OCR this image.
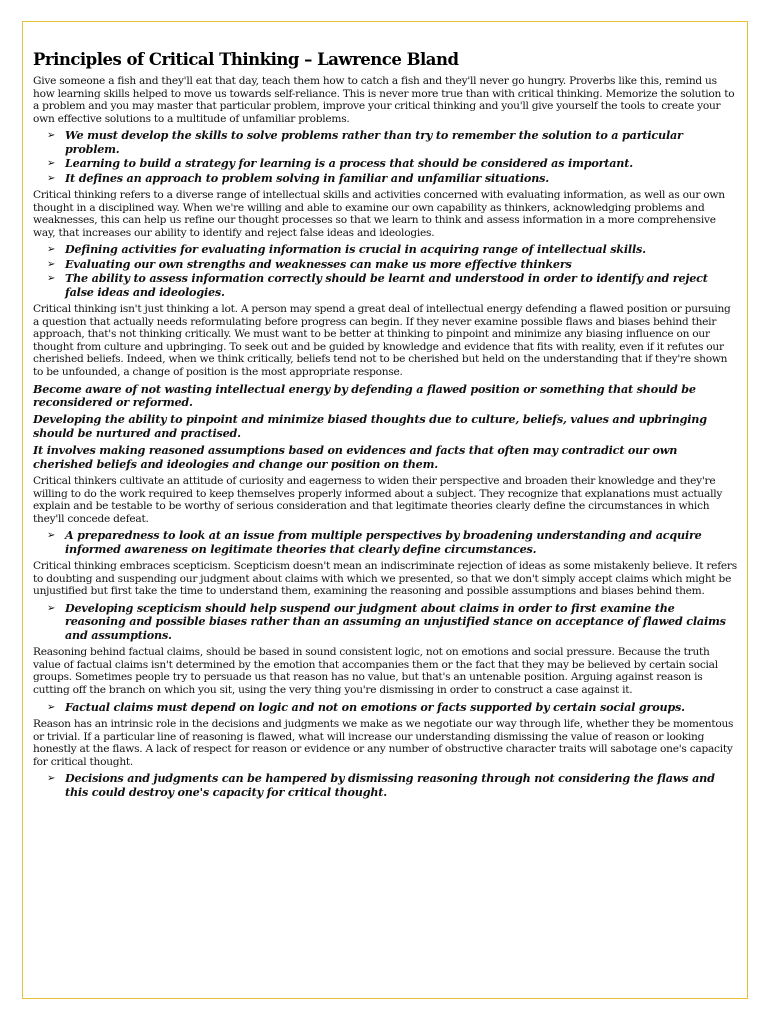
Principles of Critical Thinking – Lawrence Bland

Give someone a fish and they'll eat that day, teach them how to catch a fish and they'll never go hungry. Proverbs like this, remind us how learning skills helped to move us towards self-reliance. This is never more true than with critical thinking. Memorize the solution to a problem and you may master that particular problem, improve your critical thinking and you'll give yourself the tools to create your own effective solutions to a multitude of unfamiliar problems.

➢ We must develop the skills to solve problems rather than try to remember the solution to a particular problem.
➢ Learning to build a strategy for learning is a process that should be considered as important.
➢ It defines an approach to problem solving in familiar and unfamiliar situations.

Critical thinking refers to a diverse range of intellectual skills and activities concerned with evaluating information, as well as our own thought in a disciplined way. When we're willing and able to examine our own capability as thinkers, acknowledging problems and weaknesses, this can help us refine our thought processes so that we learn to think and assess information in a more comprehensive way, that increases our ability to identify and reject false ideas and ideologies.

➢ Defining activities for evaluating information is crucial in acquiring range of intellectual skills.
➢ Evaluating our own strengths and weaknesses can make us more effective thinkers
➢ The ability to assess information correctly should be learnt and understood in order to identify and reject false ideas and ideologies.

Critical thinking isn't just thinking a lot. A person may spend a great deal of intellectual energy defending a flawed position or pursuing a question that actually needs reformulating before progress can begin. If they never examine possible flaws and biases behind their approach, that's not thinking critically. We must want to be better at thinking to pinpoint and minimize any biasing influence on our thought from culture and upbringing. To seek out and be guided by knowledge and evidence that fits with reality, even if it refutes our cherished beliefs. Indeed, when we think critically, beliefs tend not to be cherished but held on the understanding that if they're shown to be unfounded, a change of position is the most appropriate response.

Become aware of not wasting intellectual energy by defending a flawed position or something that should be reconsidered or reformed.

Developing the ability to pinpoint and minimize biased thoughts due to culture, beliefs, values and upbringing should be nurtured and practised.

It involves making reasoned assumptions based on evidences and facts that often may contradict our own cherished beliefs and ideologies and change our position on them.

Critical thinkers cultivate an attitude of curiosity and eagerness to widen their perspective and broaden their knowledge and they're willing to do the work required to keep themselves properly informed about a subject. They recognize that explanations must actually explain and be testable to be worthy of serious consideration and that legitimate theories clearly define the circumstances in which they'll concede defeat.

➢ A preparedness to look at an issue from multiple perspectives by broadening understanding and acquire informed awareness on legitimate theories that clearly define circumstances.

Critical thinking embraces scepticism. Scepticism doesn't mean an indiscriminate rejection of ideas as some mistakenly believe. It refers to doubting and suspending our judgment about claims with which we presented, so that we don't simply accept claims which might be unjustified but first take the time to understand them, examining the reasoning and possible assumptions and biases behind them.

➢ Developing scepticism should help suspend our judgment about claims in order to first examine the reasoning and possible biases rather than an assuming an unjustified stance on acceptance of flawed claims and assumptions.

Reasoning behind factual claims, should be based in sound consistent logic, not on emotions and social pressure. Because the truth value of factual claims isn't determined by the emotion that accompanies them or the fact that they may be believed by certain social groups. Sometimes people try to persuade us that reason has no value, but that's an untenable position. Arguing against reason is cutting off the branch on which you sit, using the very thing you're dismissing in order to construct a case against it.

➢ Factual claims must depend on logic and not on emotions or facts supported by certain social groups.

Reason has an intrinsic role in the decisions and judgments we make as we negotiate our way through life, whether they be momentous or trivial. If a particular line of reasoning is flawed, what will increase our understanding dismissing the value of reason or looking honestly at the flaws. A lack of respect for reason or evidence or any number of obstructive character traits will sabotage one's capacity for critical thought.

➢ Decisions and judgments can be hampered by dismissing reasoning through not considering the flaws and this could destroy one's capacity for critical thought.
